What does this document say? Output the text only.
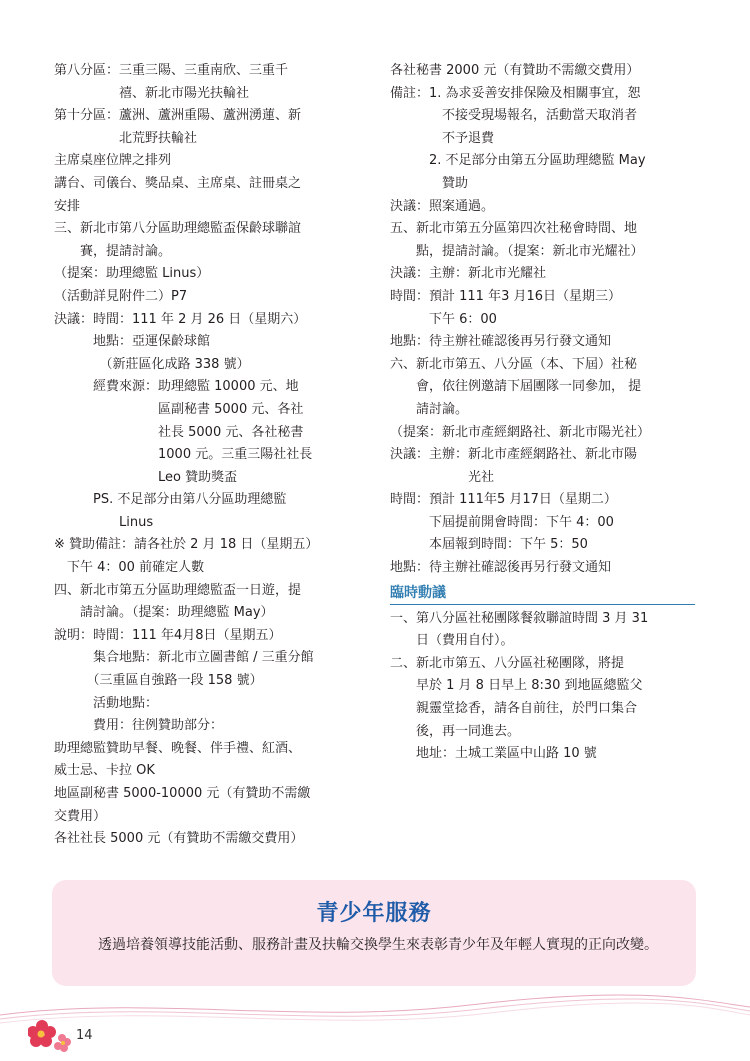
第八分區：三重三陽、三重南欣、三重千
　　　　　禧、新北市陽光扶輪社
第十分區：蘆洲、蘆洲重陽、蘆洲湧蓮、新
　　　　　北荒野扶輪社
主席桌座位牌之排列
講台、司儀台、獎品桌、主席桌、註冊桌之
安排
三、新北市第八分區助理總監盃保齡球聯誼
　　賽，提請討論。
（提案：助理總監 Linus）
（活動詳見附件二）P7
決議：時間：111 年 2 月 26 日（星期六）
　　　地點：亞運保齡球館
　　　　（新莊區化成路 338 號）
　　　經費來源：助理總監 10000 元、地
　　　　　　　　區副秘書 5000 元、各社
　　　　　　　　社長 5000 元、各社秘書
　　　　　　　　1000 元。三重三陽社社長
　　　　　　　　Leo 贊助獎盃
　　　PS. 不足部分由第八分區助理總監
　　　　　Linus
※ 贊助備註：請各社於 2 月 18 日（星期五）
　下午 4：00 前確定人數
四、新北市第五分區助理總監盃一日遊，提
　　請討論。（提案：助理總監 May）
說明：時間：111 年4月8日（星期五）
　　　集合地點：新北市立圖書館 / 三重分館
　　　（三重區自強路一段 158 號）
　　　活動地點：
　　　費用：往例贊助部分：
助理總監贊助早餐、晚餐、伴手禮、紅酒、
威士忌、卡拉 OK
地區副秘書 5000-10000 元（有贊助不需繳
交費用）
各社社長 5000 元（有贊助不需繳交費用）
各社秘書 2000 元（有贊助不需繳交費用）
備註：1. 為求妥善安排保險及相關事宜，恕
　　　　不接受現場報名，活動當天取消者
　　　　不予退費
　　　2. 不足部分由第五分區助理總監 May
　　　　贊助
決議：照案通過。
五、新北市第五分區第四次社秘會時間、地
　　點，提請討論。（提案：新北市光耀社）
決議：主辦：新北市光耀社
時間：預計 111 年3 月16日（星期三）
　　　下午 6：00
地點：待主辦社確認後再另行發文通知
六、新北市第五、八分區（本、下屆）社秘
　　會，依往例邀請下屆團隊一同參加， 提
　　請討論。
（提案：新北市產經網路社、新北市陽光社）
決議：主辦：新北市產經網路社、新北市陽
　　　　　　光社
時間：預計 111年5 月17日（星期二）
　　　下屆提前開會時間：下午 4：00
　　　本屆報到時間：下午 5：50
地點：待主辦社確認後再另行發文通知
臨時動議
一、第八分區社秘團隊餐敘聯誼時間 3 月 31
　　日（費用自付）。
二、新北市第五、八分區社秘團隊，將提
　　早於 1 月 8 日早上 8:30 到地區總監父
　　親靈堂捻香，請各自前往，於門口集合
　　後，再一同進去。
　　地址：土城工業區中山路 10 號
青少年服務
　　透過培養領導技能活動、服務計畫及扶輪交換學生來表彰青少年及年輕人實現的正向改變。
14
